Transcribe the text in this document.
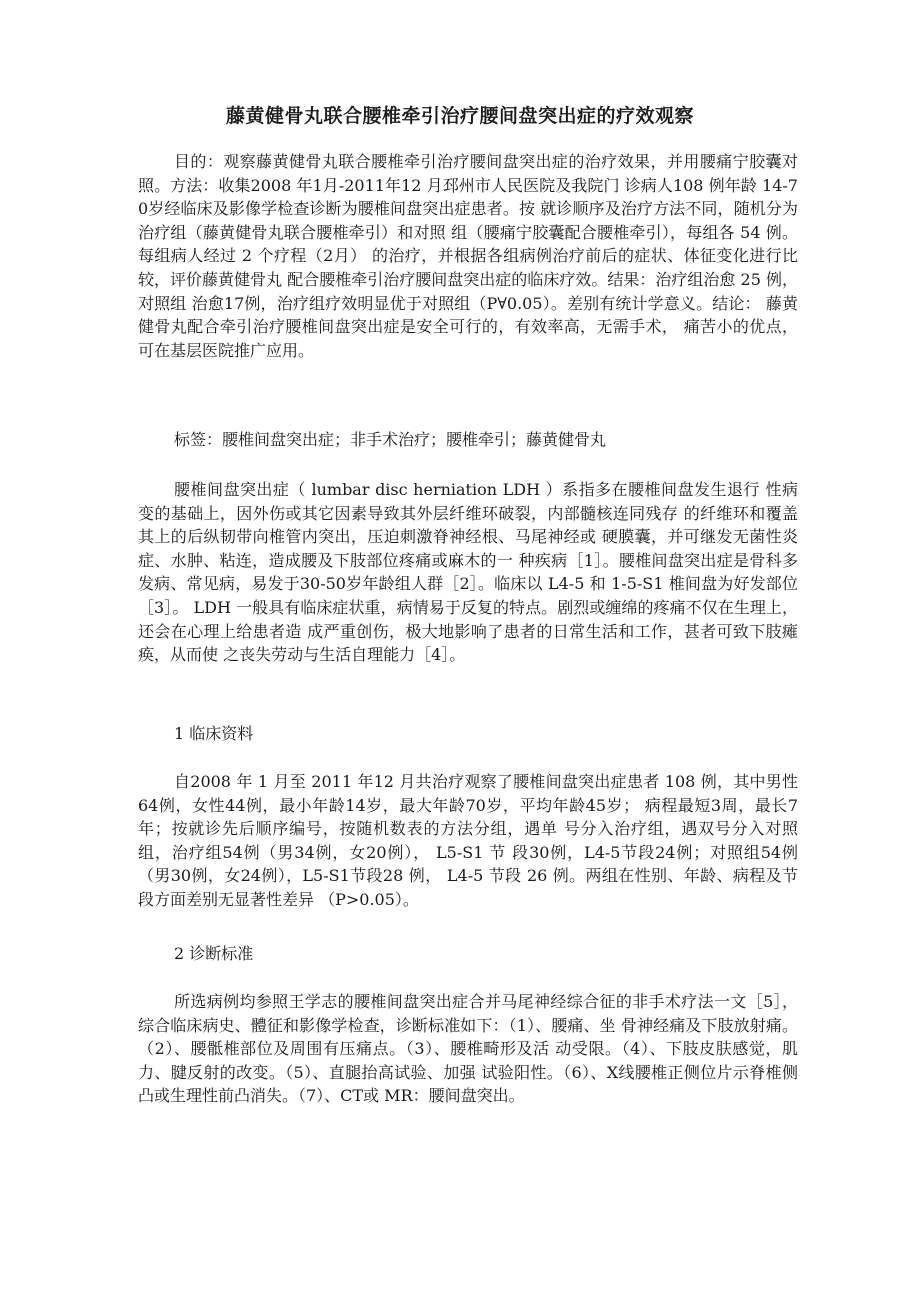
藤黄健骨丸联合腰椎牵引治疗腰间盘突出症的疗效观察

目的：观察藤黄健骨丸联合腰椎牵引治疗腰间盘突出症的治疗效果，并用腰痛宁胶囊对照。方法：收集2008 年1月-2011年12 月邳州市人民医院及我院门 诊病人108 例年龄 14-70岁经临床及影像学检查诊断为腰椎间盘突出症患者。按 就诊顺序及治疗方法不同，随机分为治疗组（藤黄健骨丸联合腰椎牵引）和对照 组（腰痛宁胶囊配合腰椎牵引），每组各 54 例。每组病人经过 2 个疗程（2月） 的治疗，并根据各组病例治疗前后的症状、体征变化进行比较，评价藤黄健骨丸 配合腰椎牵引治疗腰间盘突出症的临床疗效。结果：治疗组治愈 25 例，对照组 治愈17例，治疗组疗效明显优于对照组（P∀0.05）。差别有统计学意义。结论： 藤黄健骨丸配合牵引治疗腰椎间盘突出症是安全可行的，有效率高，无需手术， 痛苦小的优点，可在基层医院推广应用。

标签：腰椎间盘突出症；非手术治疗；腰椎牵引；藤黄健骨丸

腰椎间盘突出症（ lumbar disc herniation LDH ）系指多在腰椎间盘发生退行 性病变的基础上，因外伤或其它因素导致其外层纤维环破裂，内部髓核连同残存 的纤维环和覆盖其上的后纵韧带向椎管内突出，压迫刺激脊神经根、马尾神经或 硬膜囊，并可继发无菌性炎症、水肿、粘连，造成腰及下肢部位疼痛或麻木的一 种疾病［1］。腰椎间盘突出症是骨科多发病、常见病，易发于30-50岁年龄组人群［2］。临床以 L4-5 和 1-5-S1 椎间盘为好发部位［3］。 LDH 一般具有临床症状重，病情易于反复的特点。剧烈或缠绵的疼痛不仅在生理上，还会在心理上给患者造 成严重创伤，极大地影响了患者的日常生活和工作，甚者可致下肢瘫痪，从而使 之丧失劳动与生活自理能力［4］。

1 临床资料

自2008 年 1 月至 2011 年12 月共治疗观察了腰椎间盘突出症患者 108 例，其中男性64例，女性44例，最小年龄14岁，最大年龄70岁，平均年龄45岁； 病程最短3周，最长7年；按就诊先后顺序编号，按随机数表的方法分组，遇单 号分入治疗组，遇双号分入对照组，治疗组54例（男34例，女20例）， L5-S1 节 段30例，L4-5节段24例；对照组54例（男30例，女24例），L5-S1节段28 例， L4-5 节段 26 例。两组在性别、年龄、病程及节段方面差别无显著性差异 （P>0.05）。

2 诊断标准

所选病例均参照王学志的腰椎间盘突出症合并马尾神经综合征的非手术疗法一文［5］，综合临床病史、體征和影像学检查，诊断标准如下：（1）、腰痛、坐 骨神经痛及下肢放射痛。（2）、腰骶椎部位及周围有压痛点。（3）、腰椎畸形及活 动受限。（4）、下肢皮肤感觉，肌力、腱反射的改变。（5）、直腿抬高试验、加强 试验阳性。（6）、X线腰椎正侧位片示脊椎侧凸或生理性前凸消失。（7）、CT或 MR：腰间盘突出。
